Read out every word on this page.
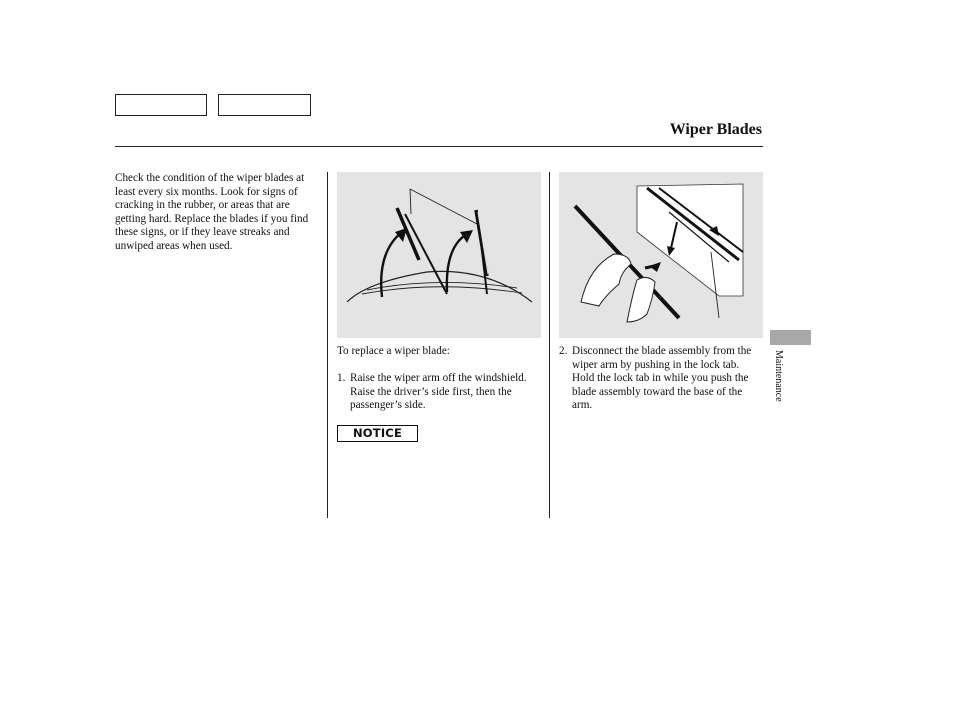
Wiper Blades

Check the condition of the wiper blades at least every six months. Look for signs of cracking in the rubber, or areas that are getting hard. Replace the blades if you find these signs, or if they leave streaks and unwiped areas when used.

To replace a wiper blade:

1. Raise the wiper arm off the windshield. Raise the driver’s side first, then the passenger’s side.
2. Disconnect the blade assembly from the wiper arm by pushing in the lock tab. Hold the lock tab in while you push the blade assembly toward the base of the arm.
NOTICE
Maintenance
